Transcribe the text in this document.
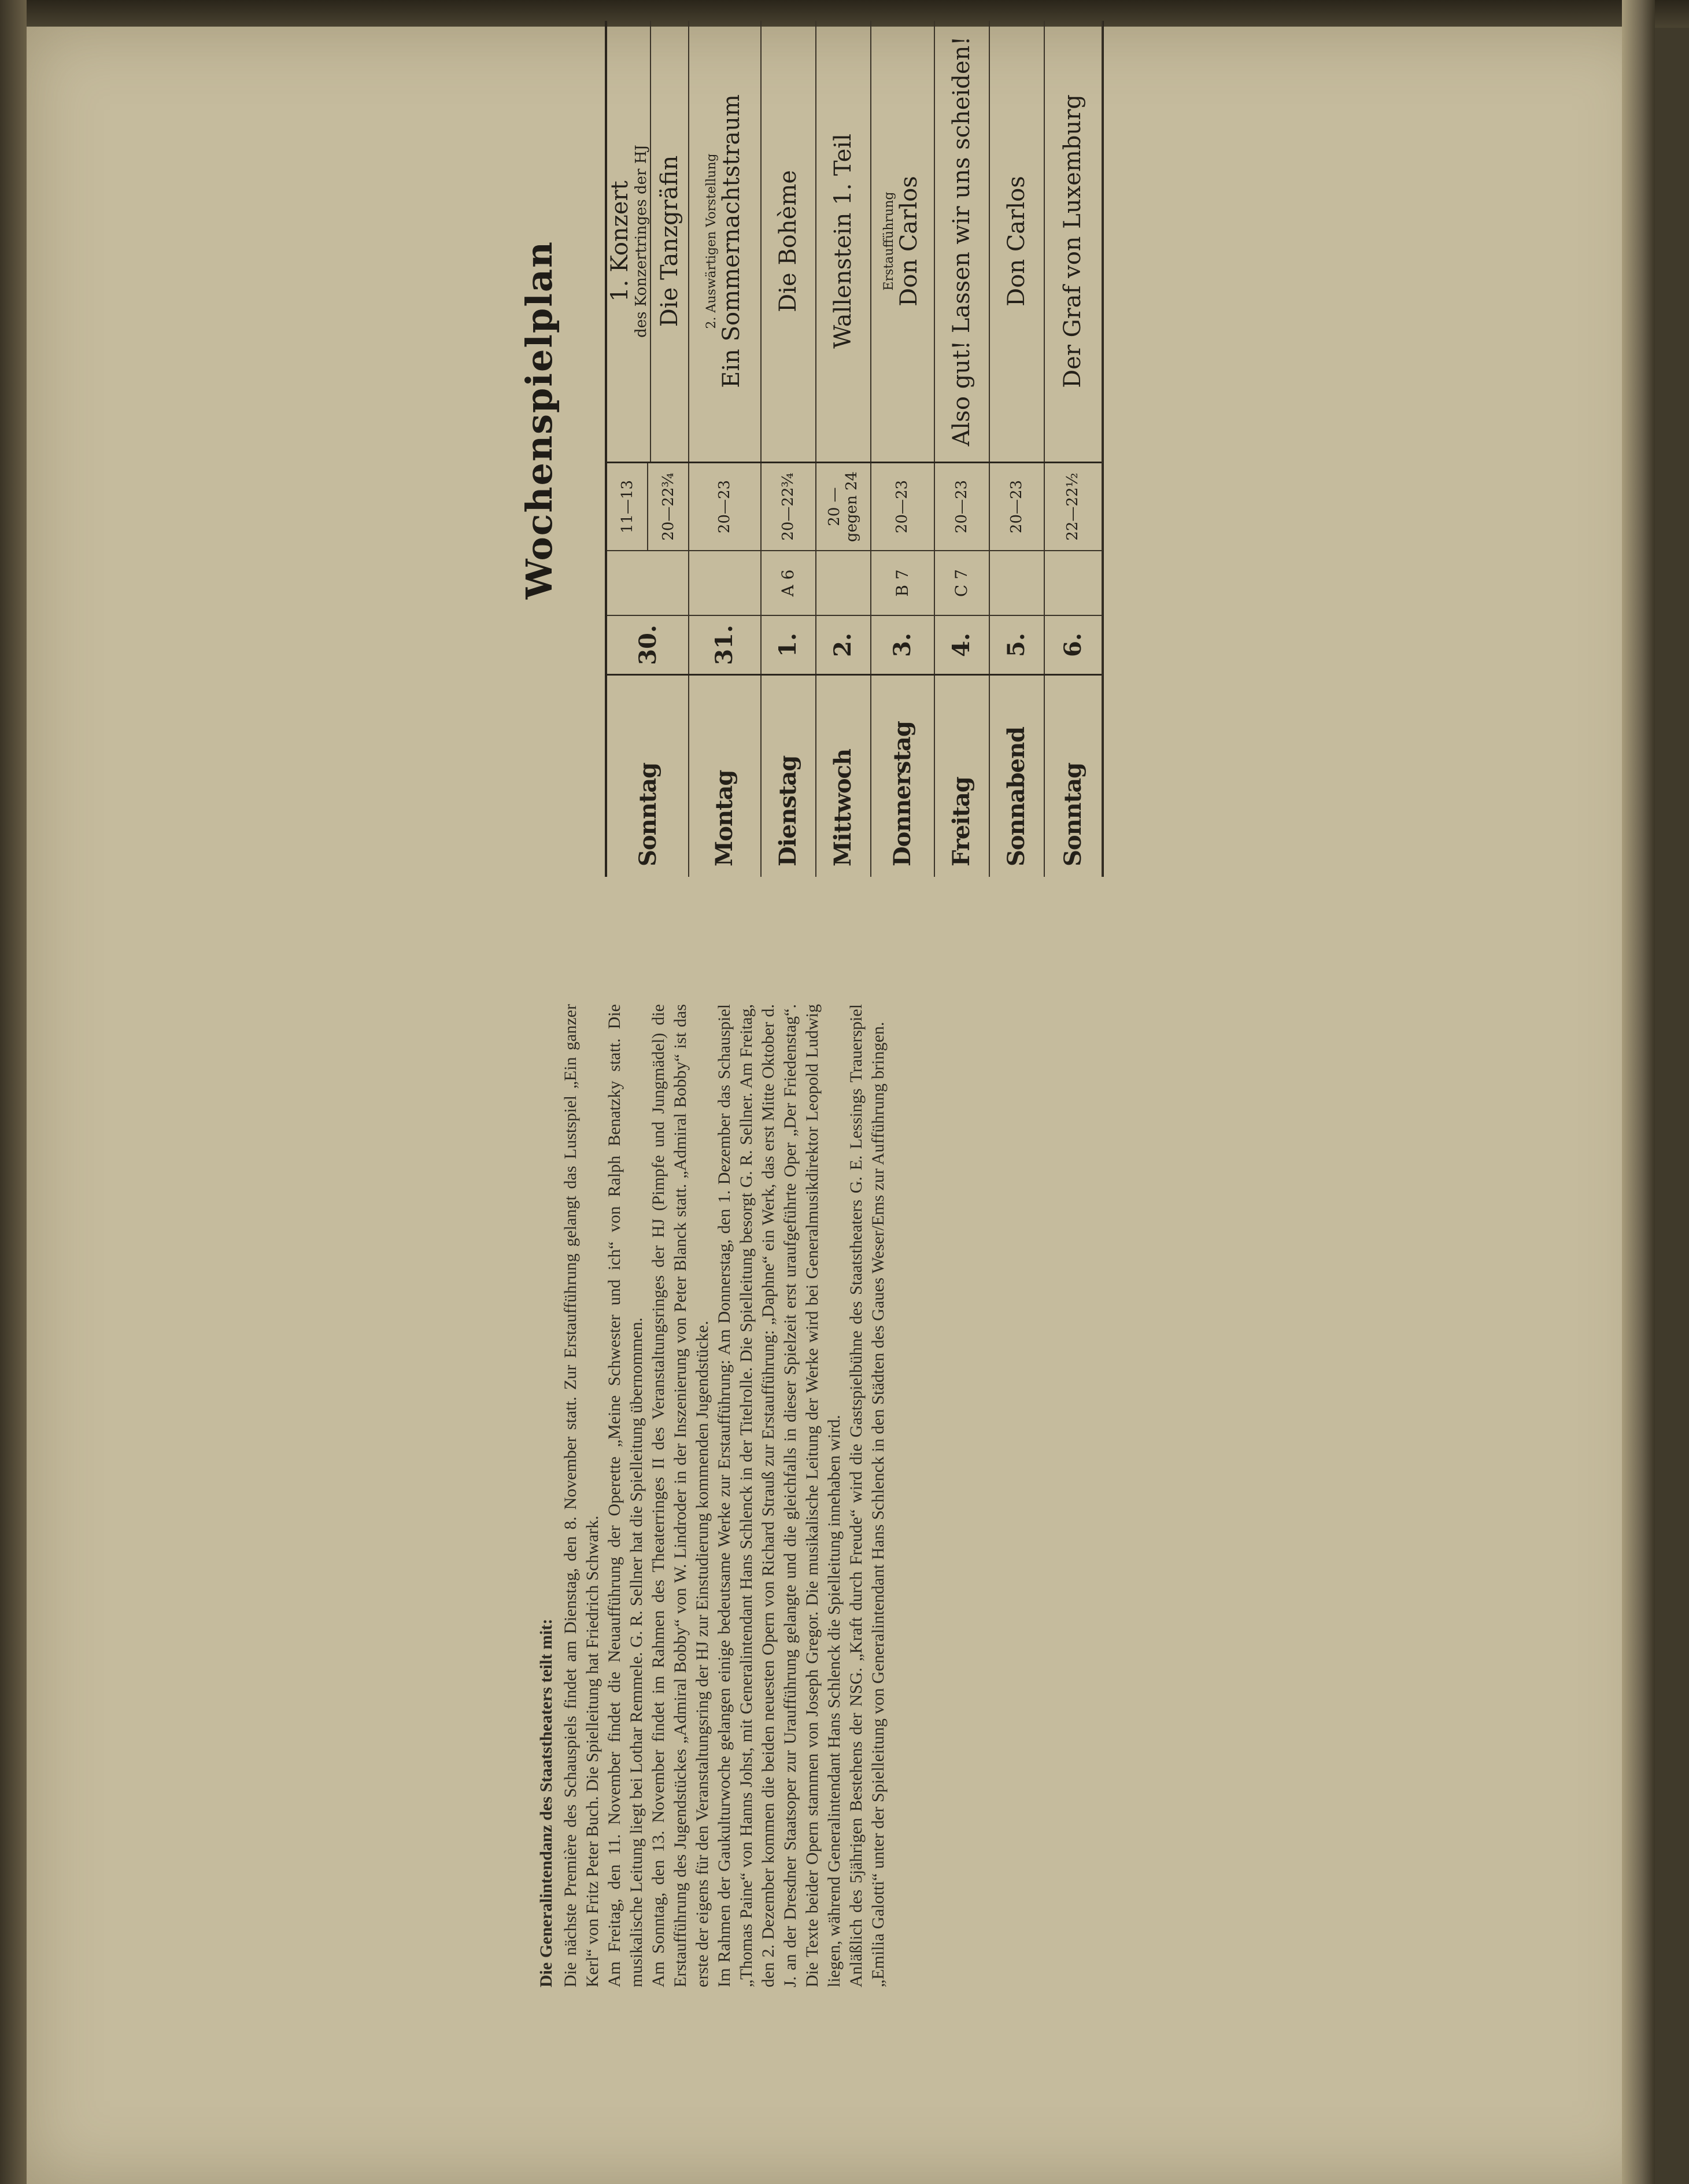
Die Generalintendanz des Staatstheaters teilt mit: Die nächste Première des Schauspiels findet am Dienstag, den 8. November statt. Zur Erstaufführung gelangt das Lustspiel „Ein ganzer Kerl“ von Fritz Peter Buch. Die Spielleitung hat Friedrich Schwark. Am Freitag, den 11. November findet die Neuaufführung der Operette „Meine Schwester und ich“ von Ralph Benatzky statt. Die musikalische Leitung liegt bei Lothar Remmele. G. R. Sellner hat die Spielleitung übernommen. Am Sonntag, den 13. November findet im Rahmen des Theaterringes II des Veranstaltungsringes der HJ (Pimpfe und Jungmädel) die Erstaufführung des Jugendstückes „Admiral Bobby“ von W. Lindroder in der Inszenierung von Peter Blanck statt. „Admiral Bobby“ ist das erste der eigens für den Veranstaltungsring der HJ zur Einstudierung kommenden Jugendstücke. Im Rahmen der Gaukulturwoche gelangen einige bedeutsame Werke zur Erstaufführung: Am Donnerstag, den 1. Dezember das Schauspiel „Thomas Paine“ von Hanns Johst, mit Generalintendant Hans Schlenck in der Titelrolle. Die Spielleitung besorgt G. R. Sellner. Am Freitag, den 2. Dezember kommen die beiden neuesten Opern von Richard Strauß zur Erstaufführung: „Daphne“ ein Werk, das erst Mitte Oktober d. J. an der Dresdner Staatsoper zur Uraufführung gelangte und die gleichfalls in dieser Spielzeit erst uraufgeführte Oper „Der Friedenstag“. Die Texte beider Opern stammen von Joseph Gregor. Die musikalische Leitung der Werke wird bei Generalmusikdirektor Leopold Ludwig liegen, während Generalintendant Hans Schlenck die Spielleitung innehaben wird. Anläßlich des 5jährigen Bestehens der NSG. „Kraft durch Freude“ wird die Gastspielbühne des Staatstheaters G. E. Lessings Trauerspiel „Emilia Galotti“ unter der Spielleitung von Generalintendant Hans Schlenck in den Städten des Gaues Weser/Ems zur Aufführung bringen.

Wochenspielplan
Sonntag
30.
11—13	20—22¾
1. Konzert des Konzertringes der HJ Die Tanzgräfin
Montag
31.
20—23
2. Auswärtigen Vorstellung Ein Sommernachtstraum
Dienstag
1.
A 6
20—22¾
Die Bohème
Mittwoch
2.
20 — gegen 24
Wallenstein 1. Teil
Donnerstag
3.
B 7
20—23
Erstaufführung Don Carlos
Freitag
4.
C 7
20—23
Also gut! Lassen wir uns scheiden!
Sonnabend
5.
20—23
Don Carlos
Sonntag
6.
22—22½
Der Graf von Luxemburg
